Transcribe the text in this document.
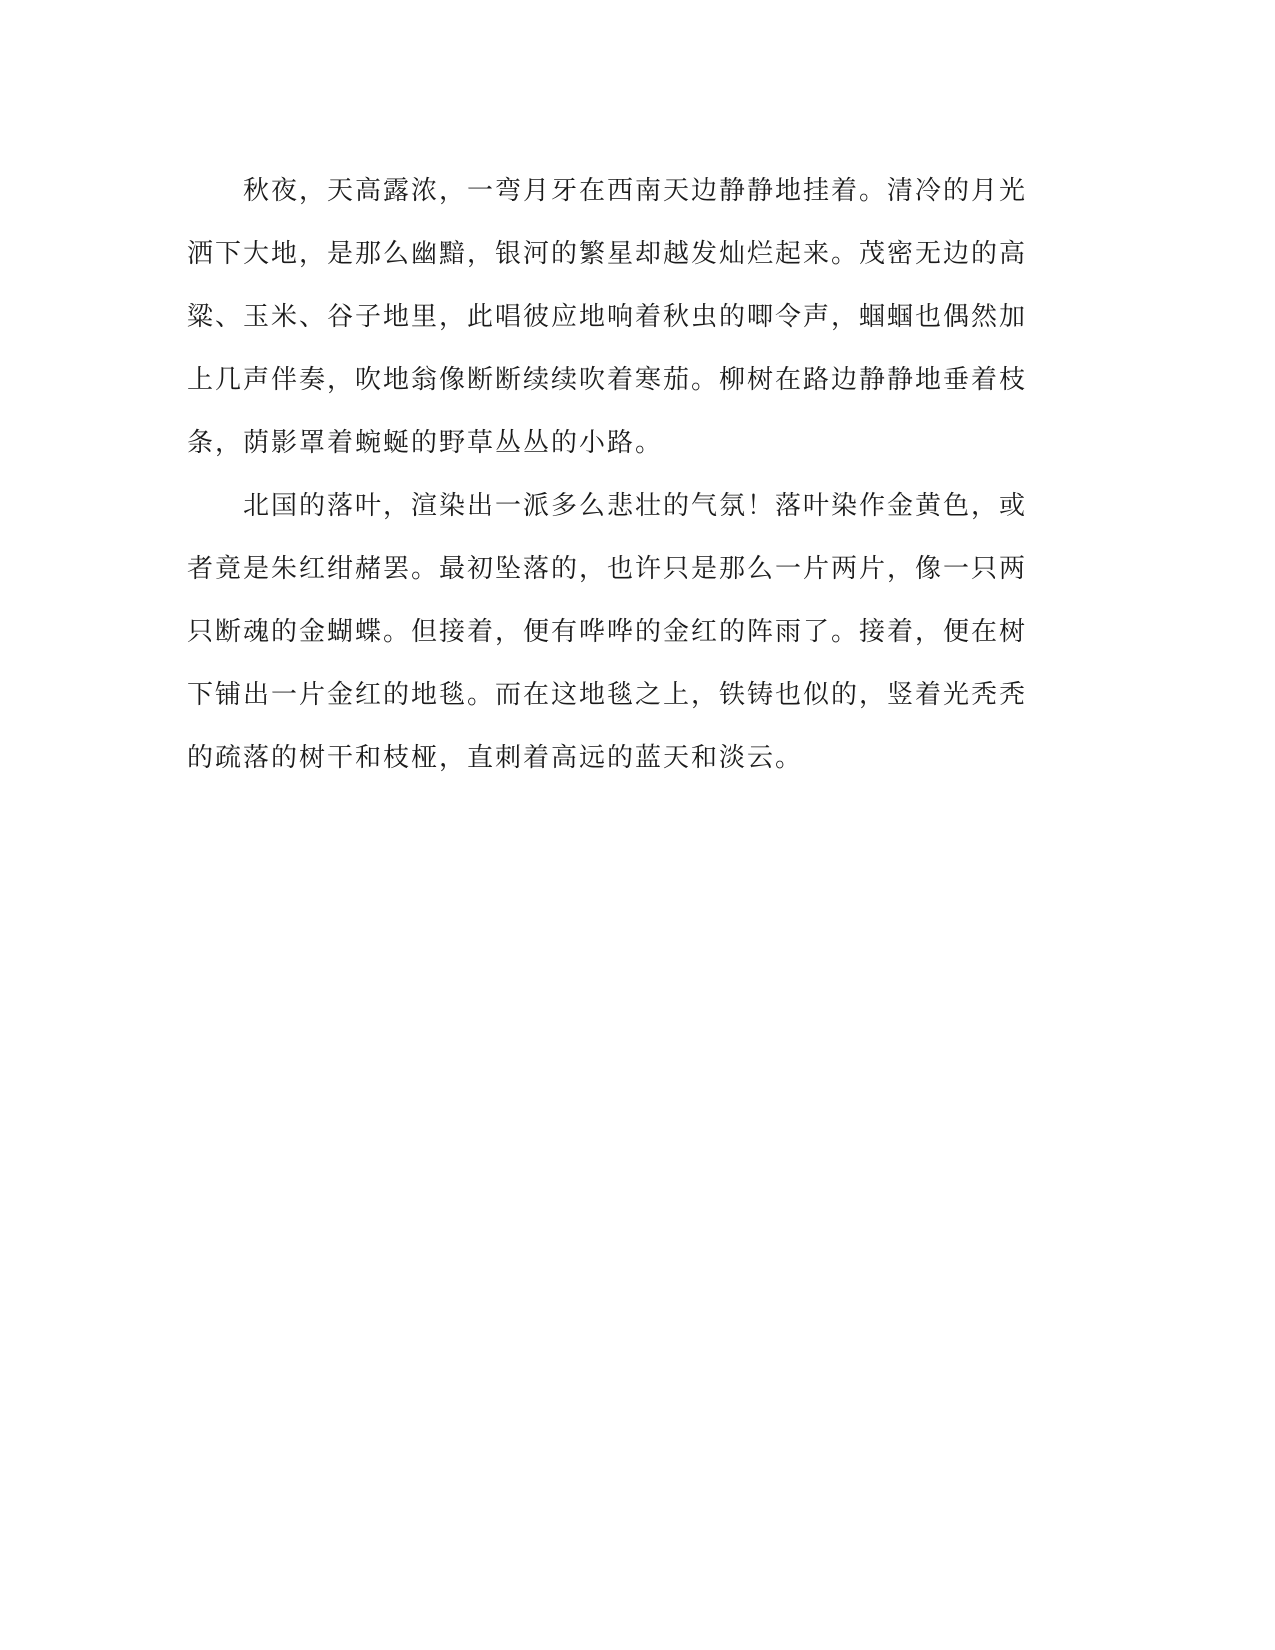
　　秋夜，天高露浓，一弯月牙在西南天边静静地挂着。清冷的月光

洒下大地，是那么幽黯，银河的繁星却越发灿烂起来。茂密无边的高

粱、玉米、谷子地里，此唱彼应地响着秋虫的唧令声，蝈蝈也偶然加

上几声伴奏，吹地翁像断断续续吹着寒茄。柳树在路边静静地垂着枝

条，荫影罩着蜿蜒的野草丛丛的小路。

　　北国的落叶，渲染出一派多么悲壮的气氛！落叶染作金黄色，或

者竟是朱红绀赭罢。最初坠落的，也许只是那么一片两片，像一只两

只断魂的金蝴蝶。但接着，便有哗哗的金红的阵雨了。接着，便在树

下铺出一片金红的地毯。而在这地毯之上，铁铸也似的，竖着光秃秃

的疏落的树干和枝桠，直刺着高远的蓝天和淡云。
